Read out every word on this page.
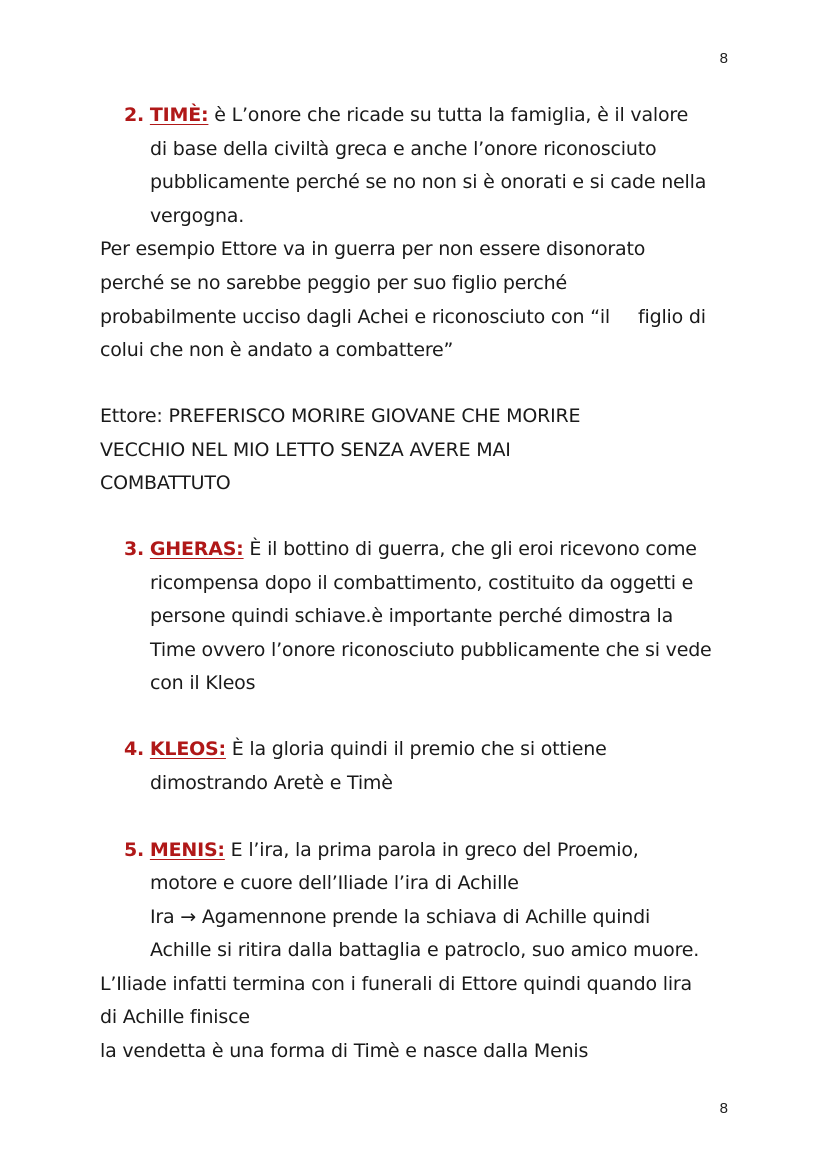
8
2. TIMÈ: è L’onore che ricade su tutta la famiglia, è il valore
di base della civiltà greca e anche l’onore riconosciuto
pubblicamente perché se no non si è onorati e si cade nella
vergogna.
Per esempio Ettore va in guerra per non essere disonorato
perché se no sarebbe peggio per suo figlio perché
probabilmente ucciso dagli Achei e riconosciuto con “il figlio di
colui che non è andato a combattere”
Ettore: PREFERISCO MORIRE GIOVANE CHE MORIRE
VECCHIO NEL MIO LETTO SENZA AVERE MAI
COMBATTUTO
3. GHERAS: È il bottino di guerra, che gli eroi ricevono come
ricompensa dopo il combattimento, costituito da oggetti e
persone quindi schiave.è importante perché dimostra la
Time ovvero l’onore riconosciuto pubblicamente che si vede
con il Kleos
4. KLEOS: È la gloria quindi il premio che si ottiene
dimostrando Aretè e Timè
5. MENIS: E l’ira, la prima parola in greco del Proemio,
motore e cuore dell’Iliade l’ira di Achille
Ira → Agamennone prende la schiava di Achille quindi
Achille si ritira dalla battaglia e patroclo, suo amico muore.
L’Iliade infatti termina con i funerali di Ettore quindi quando lira
di Achille finisce
la vendetta è una forma di Timè e nasce dalla Menis
8
